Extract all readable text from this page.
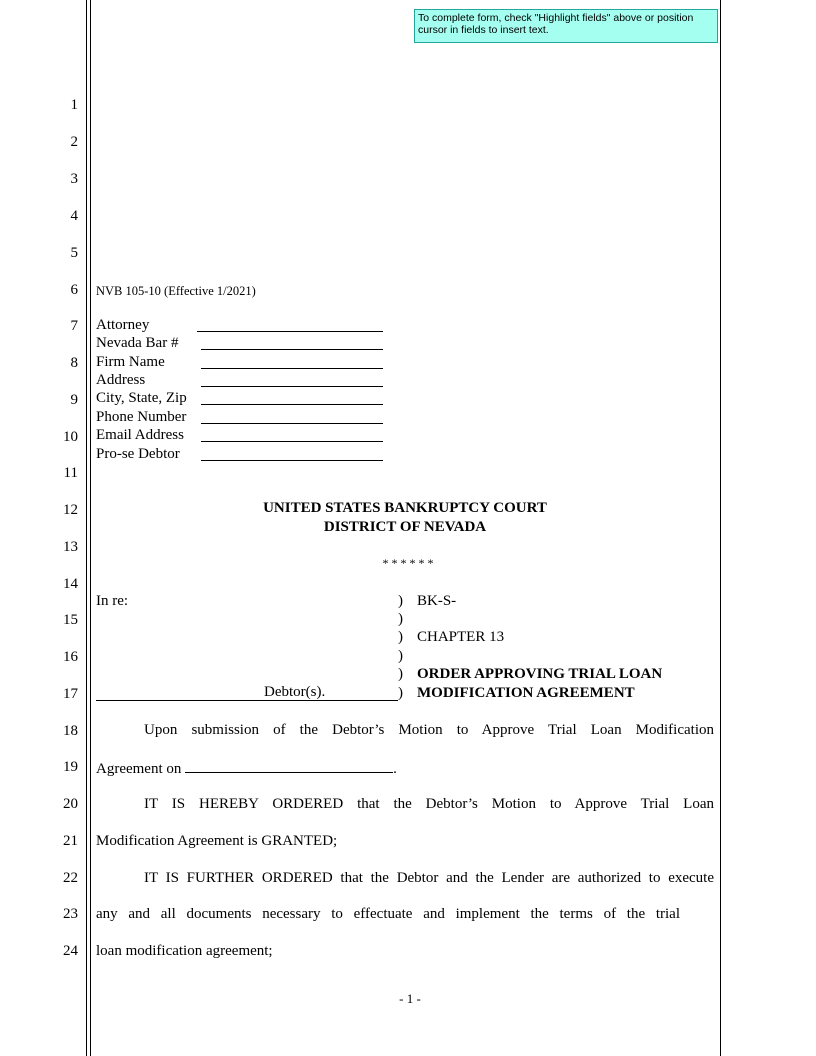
To complete form, check "Highlight fields" above or position cursor in fields to insert text.
1
2
3
4
5
6
7
8
9
10
11
12
13
14
15
16
17
18
19
20
21
22
23
24
NVB 105-10 (Effective 1/2021)
Attorney
Nevada Bar #
Firm Name
Address
City, State, Zip
Phone Number
Email Address
Pro-se Debtor
UNITED STATES BANKRUPTCY COURT
DISTRICT OF NEVADA
* * * * * *
In re:	)
)
)
)
)
)
BK-S-
CHAPTER 13
ORDER APPROVING TRIAL LOAN
MODIFICATION AGREEMENT
Debtor(s).
Upon submission of the Debtor’s Motion to Approve Trial Loan Modification
Agreement on	.
IT IS HEREBY ORDERED that the Debtor’s Motion to Approve Trial Loan
Modification Agreement is GRANTED;
IT IS FURTHER ORDERED that the Debtor and the Lender are authorized to execute
any and all documents necessary to effectuate and implement the terms of the trial
loan modification agreement;
- 1 -
